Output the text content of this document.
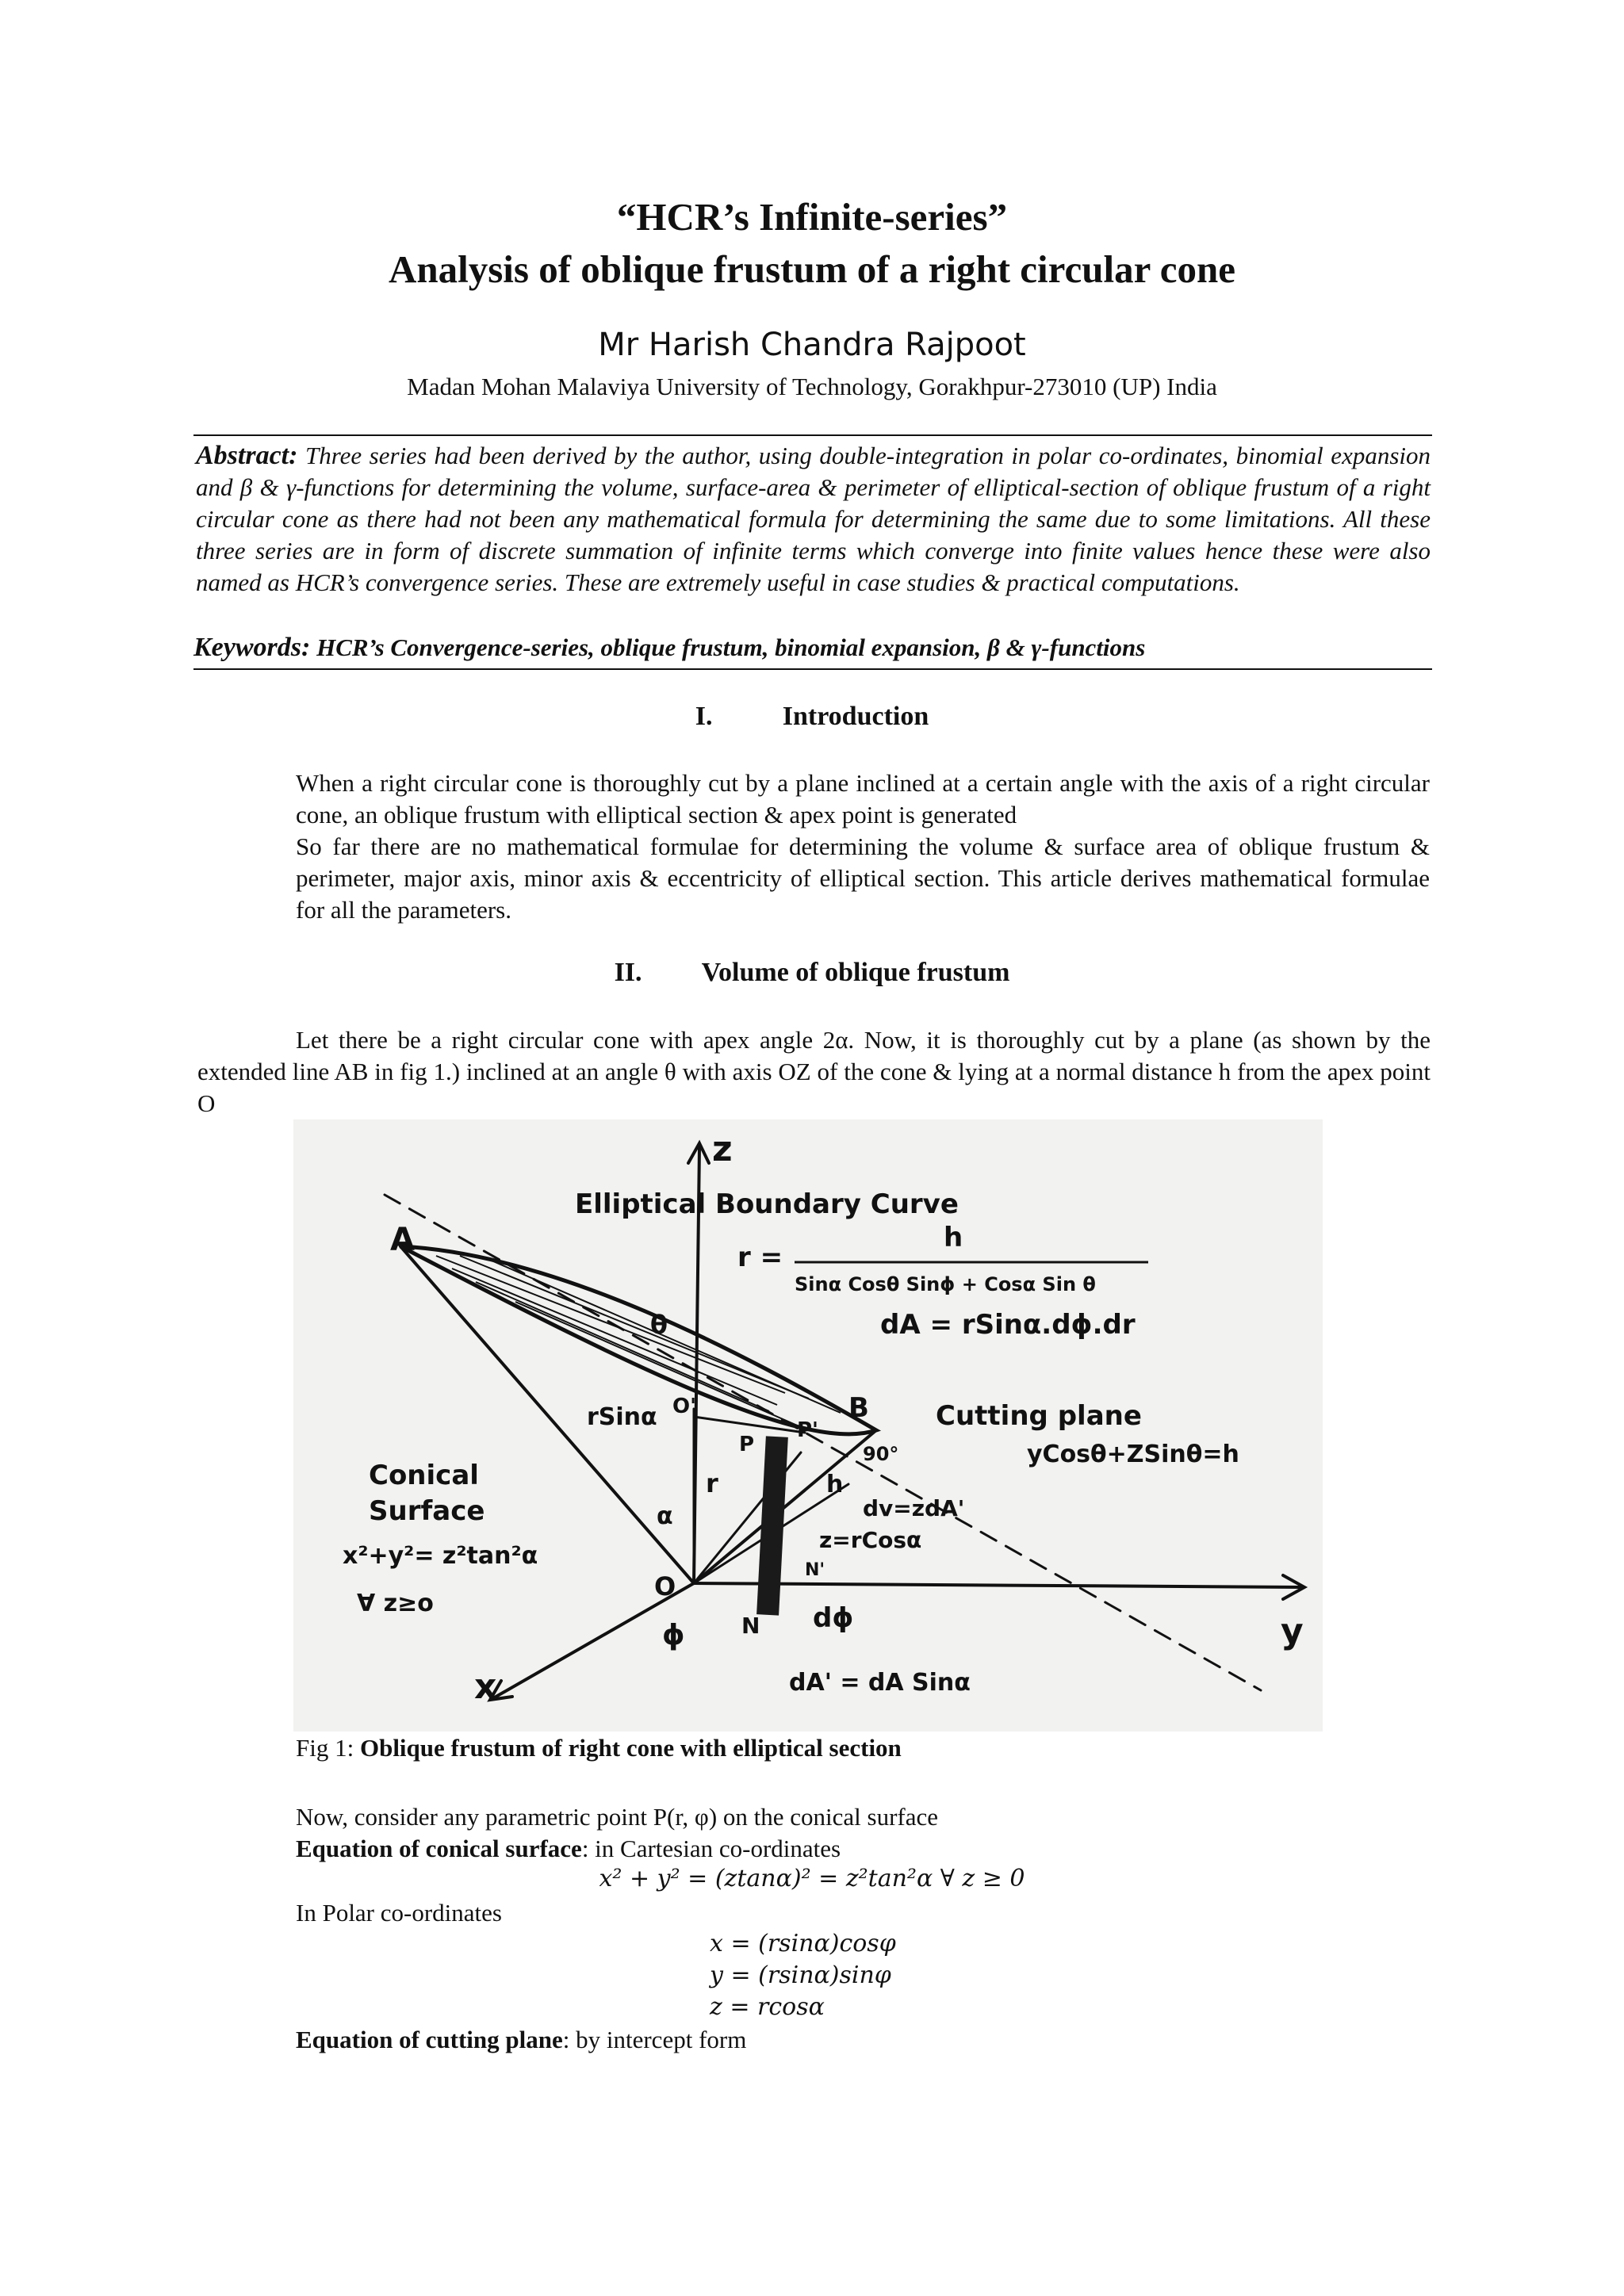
“HCR’s Infinite-series”
Analysis of oblique frustum of a right circular cone
Mr Harish Chandra Rajpoot
Madan Mohan Malaviya University of Technology, Gorakhpur-273010 (UP) India
Abstract: Three series had been derived by the author, using double-integration in polar co-ordinates, binomial expansion and β & γ-functions for determining the volume, surface-area & perimeter of elliptical-section of oblique frustum of a right circular cone as there had not been any mathematical formula for determining the same due to some limitations. All these three series are in form of discrete summation of infinite terms which converge into finite values hence these were also named as HCR’s convergence series. These are extremely useful in case studies & practical computations.
Keywords: HCR’s Convergence-series, oblique frustum, binomial expansion, β & γ-functions
I.	Introduction
When a right circular cone is thoroughly cut by a plane inclined at a certain angle with the axis of a right circular cone, an oblique frustum with elliptical section & apex point is generated
So far there are no mathematical formulae for determining the volume & surface area of oblique frustum & perimeter, major axis, minor axis & eccentricity of elliptical section. This article derives mathematical formulae for all the parameters.
II. Volume of oblique frustum
Let there be a right circular cone with apex angle 2α. Now, it is thoroughly cut by a plane (as shown by the extended line AB in fig 1.) inclined at an angle θ with axis OZ of the cone & lying at a normal distance h from the apex point O
z
x
y
Elliptical Boundary Curve
r =
h
Sinα Cosθ Sinϕ + Cosα Sin θ
θ	dA = rSinα.dϕ.dr
A
B
O'
P
P'
rSinα	Cutting plane
yCosθ+ZSinθ=h
90°
h
Conical
Surface
x²+y²= z²tan²α
∀ z≥o
r
α	dv=zdA'
z=rCosα
N'
O
N
ϕ
dϕ
dA' = dA Sinα
Fig 1: Oblique frustum of right cone with elliptical section
Now, consider any parametric point P(r, φ) on the conical surface
Equation of conical surface: in Cartesian co-ordinates
x² + y² = (ztanα)² = z²tan²α ∀ z ≥ 0
In Polar co-ordinates
x = (rsinα)cosφ
y = (rsinα)sinφ
z = rcosα
Equation of cutting plane: by intercept form
